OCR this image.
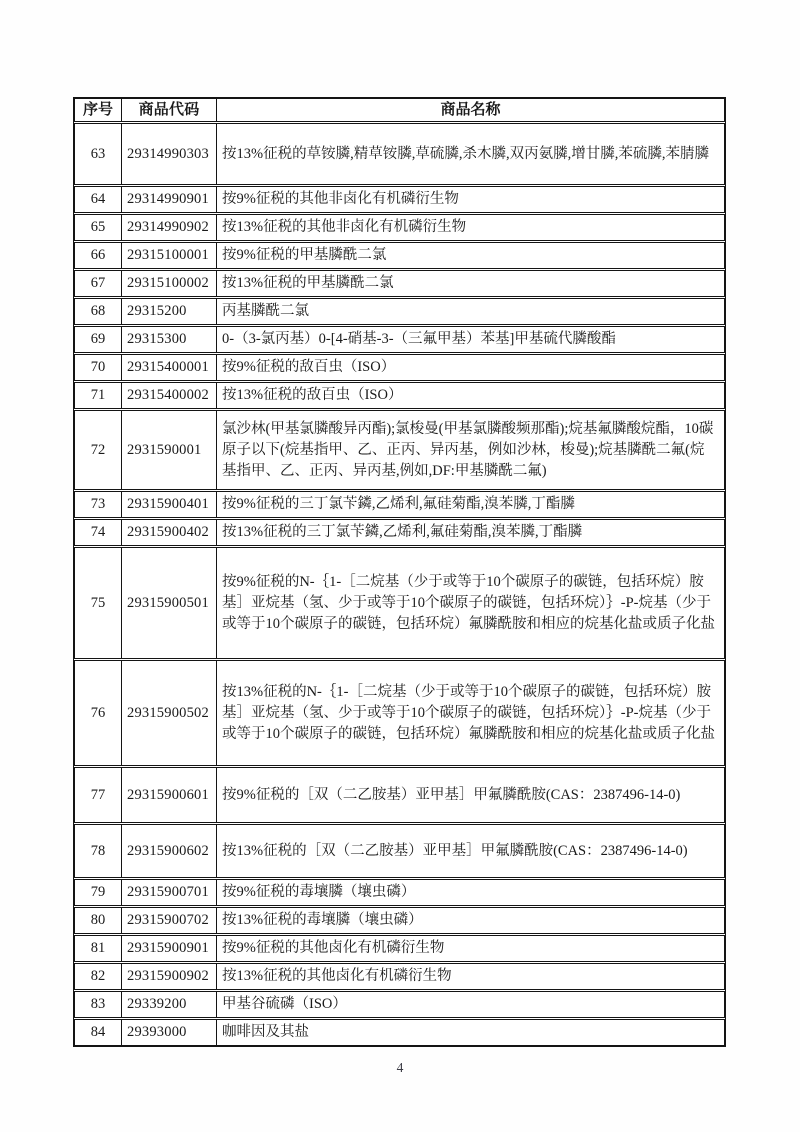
序号	商品代码	商品名称
63	29314990303 按13%征税的草铵膦,精草铵膦,草硫膦,杀木膦,双丙氨膦,增甘膦,苯硫膦,苯腈膦
64	29314990901 按9%征税的其他非卤化有机磷衍生物
65	29314990902 按13%征税的其他非卤化有机磷衍生物
66	29315100001 按9%征税的甲基膦酰二氯
67	29315100002 按13%征税的甲基膦酰二氯
68	29315200	丙基膦酰二氯
69	29315300	0-（3-氯丙基）0-[4-硝基-3-（三氟甲基）苯基]甲基硫代膦酸酯
70	29315400001 按9%征税的敌百虫（ISO）
71	29315400002 按13%征税的敌百虫（ISO）
72	2931590001
氯沙林(甲基氯膦酸异丙酯);氯梭曼(甲基氯膦酸频那酯);烷基氟膦酸烷酯，10碳原子以下(烷基指甲、乙、正丙、异丙基，例如沙林，梭曼);烷基膦酰二氟(烷基指甲、乙、正丙、异丙基,例如,DF:甲基膦酰二氟)
73	29315900401 按9%征税的三丁氯苄鏻,乙烯利,氟硅菊酯,溴苯膦,丁酯膦
74	29315900402 按13%征税的三丁氯苄鏻,乙烯利,氟硅菊酯,溴苯膦,丁酯膦
75	29315900501
按9%征税的N-｛1-［二烷基（少于或等于10个碳原子的碳链，包括环烷）胺基］亚烷基（氢、少于或等于10个碳原子的碳链，包括环烷）｝-P-烷基（少于或等于10个碳原子的碳链，包括环烷）氟膦酰胺和相应的烷基化盐或质子化盐
76	29315900502
按13%征税的N-｛1-［二烷基（少于或等于10个碳原子的碳链，包括环烷）胺基］亚烷基（氢、少于或等于10个碳原子的碳链，包括环烷）｝-P-烷基（少于或等于10个碳原子的碳链，包括环烷）氟膦酰胺和相应的烷基化盐或质子化盐
77	29315900601 按9%征税的［双（二乙胺基）亚甲基］甲氟膦酰胺(CAS：2387496-14-0)
78	29315900602 按13%征税的［双（二乙胺基）亚甲基］甲氟膦酰胺(CAS：2387496-14-0)
79	29315900701 按9%征税的毒壤膦（壤虫磷）
80	29315900702 按13%征税的毒壤膦（壤虫磷）
81	29315900901 按9%征税的其他卤化有机磷衍生物
82	29315900902 按13%征税的其他卤化有机磷衍生物
83	29339200	甲基谷硫磷（ISO）
84	29393000	咖啡因及其盐
4
